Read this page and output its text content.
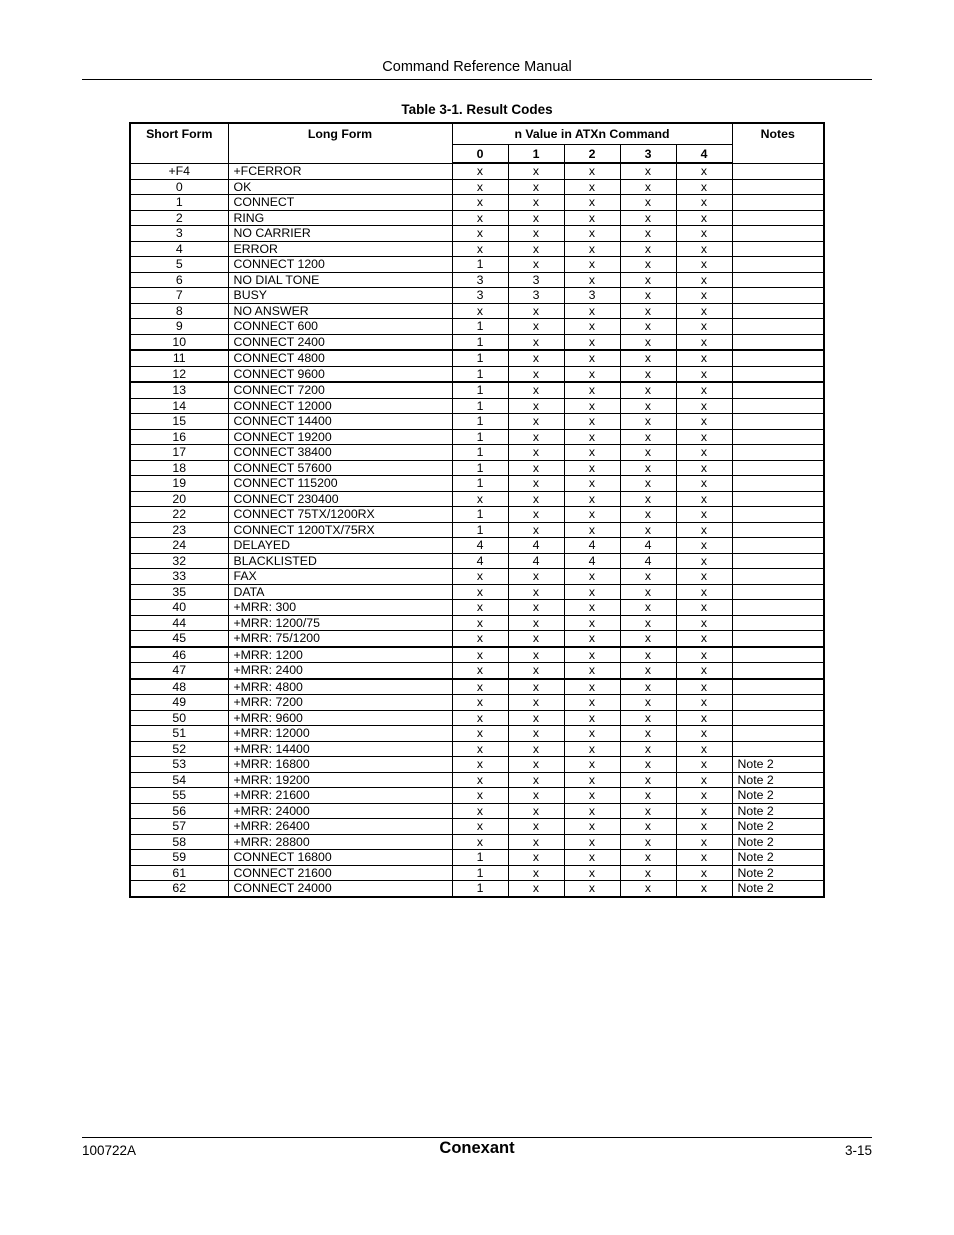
Command Reference Manual
Table 3-1. Result Codes
Short Form	Long Form	n Value in ATXn Command					Notes
		0	1	2	3	4	
+F4	+FCERROR	x	x	x	x	x	
0	OK	x	x	x	x	x	
1	CONNECT	x	x	x	x	x	
2	RING	x	x	x	x	x	
3	NO CARRIER	x	x	x	x	x	
4	ERROR	x	x	x	x	x	
5	CONNECT 1200	1	x	x	x	x	
6	NO DIAL TONE	3	3	x	x	x	
7	BUSY	3	3	3	x	x	
8	NO ANSWER	x	x	x	x	x	
9	CONNECT 600	1	x	x	x	x	
10	CONNECT 2400	1	x	x	x	x	
11	CONNECT 4800	1	x	x	x	x	
12	CONNECT 9600	1	x	x	x	x	
13	CONNECT 7200	1	x	x	x	x	
14	CONNECT 12000	1	x	x	x	x	
15	CONNECT 14400	1	x	x	x	x	
16	CONNECT 19200	1	x	x	x	x	
17	CONNECT 38400	1	x	x	x	x	
18	CONNECT 57600	1	x	x	x	x	
19	CONNECT 115200	1	x	x	x	x	
20	CONNECT 230400	x	x	x	x	x	
22	CONNECT 75TX/1200RX	1	x	x	x	x	
23	CONNECT 1200TX/75RX	1	x	x	x	x	
24	DELAYED	4	4	4	4	x	
32	BLACKLISTED	4	4	4	4	x	
33	FAX	x	x	x	x	x	
35	DATA	x	x	x	x	x	
40	+MRR: 300	x	x	x	x	x	
44	+MRR: 1200/75	x	x	x	x	x	
45	+MRR: 75/1200	x	x	x	x	x	
46	+MRR: 1200	x	x	x	x	x	
47	+MRR: 2400	x	x	x	x	x	
48	+MRR: 4800	x	x	x	x	x	
49	+MRR: 7200	x	x	x	x	x	
50	+MRR: 9600	x	x	x	x	x	
51	+MRR: 12000	x	x	x	x	x	
52	+MRR: 14400	x	x	x	x	x	
53	+MRR: 16800	x	x	x	x	x	Note 2
54	+MRR: 19200	x	x	x	x	x	Note 2
55	+MRR: 21600	x	x	x	x	x	Note 2
56	+MRR: 24000	x	x	x	x	x	Note 2
57	+MRR: 26400	x	x	x	x	x	Note 2
58	+MRR: 28800	x	x	x	x	x	Note 2
59	CONNECT 16800	1	x	x	x	x	Note 2
61	CONNECT 21600	1	x	x	x	x	Note 2
62	CONNECT 24000	1	x	x	x	x	Note 2
100722A	Conexant	3-15
